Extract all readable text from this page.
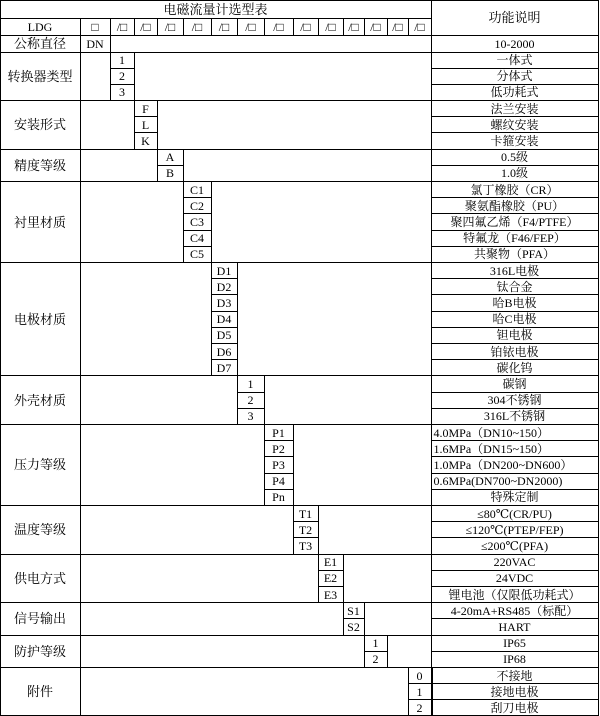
电磁流量计选型表
功能说明
LDG	□	/□	/□	/□	/□	/□	/□	/□	/□	/□	/□ /□ /□ /□
公称直径	DN	10-2000
转换器类型
1	一体式
2	分体式
3	低功耗式
安装形式
F	法兰安装
L	螺纹安装
K	卡箍安装
精度等级
A	0.5级
B	1.0级
衬里材质
C1	氯丁橡胶（CR）
C2	聚氨酯橡胶（PU）
C3	聚四氟乙烯（F4/PTFE）
C4	特氟龙（F46/FEP）
C5	共聚物（PFA）
电极材质
D1	316L电极
D2	钛合金
D3	哈B电极
D4	哈C电极
D5	钽电极
D6	铂铱电极
D7	碳化钨
外壳材质
1	碳钢
2	304不锈钢
3	316L不锈钢
压力等级
P1	4.0MPa（DN10~150）
P2	1.6MPa（DN15~150）
P3	1.0MPa（DN200~DN600）
P4	0.6MPa(DN700~DN2000)
Pn	特殊定制
温度等级
T1	≤80℃(CR/PU)
T2	≤120℃(PTEP/FEP)
T3	≤200℃(PFA)
供电方式
E1	220VAC
E2	24VDC
E3	锂电池（仅限低功耗式）
信号输出
S1	4-20mA+RS485（标配）
S2	HART
防护等级
1	IP65
2	IP68
附件
0	不接地
1	接地电极
2	刮刀电极
